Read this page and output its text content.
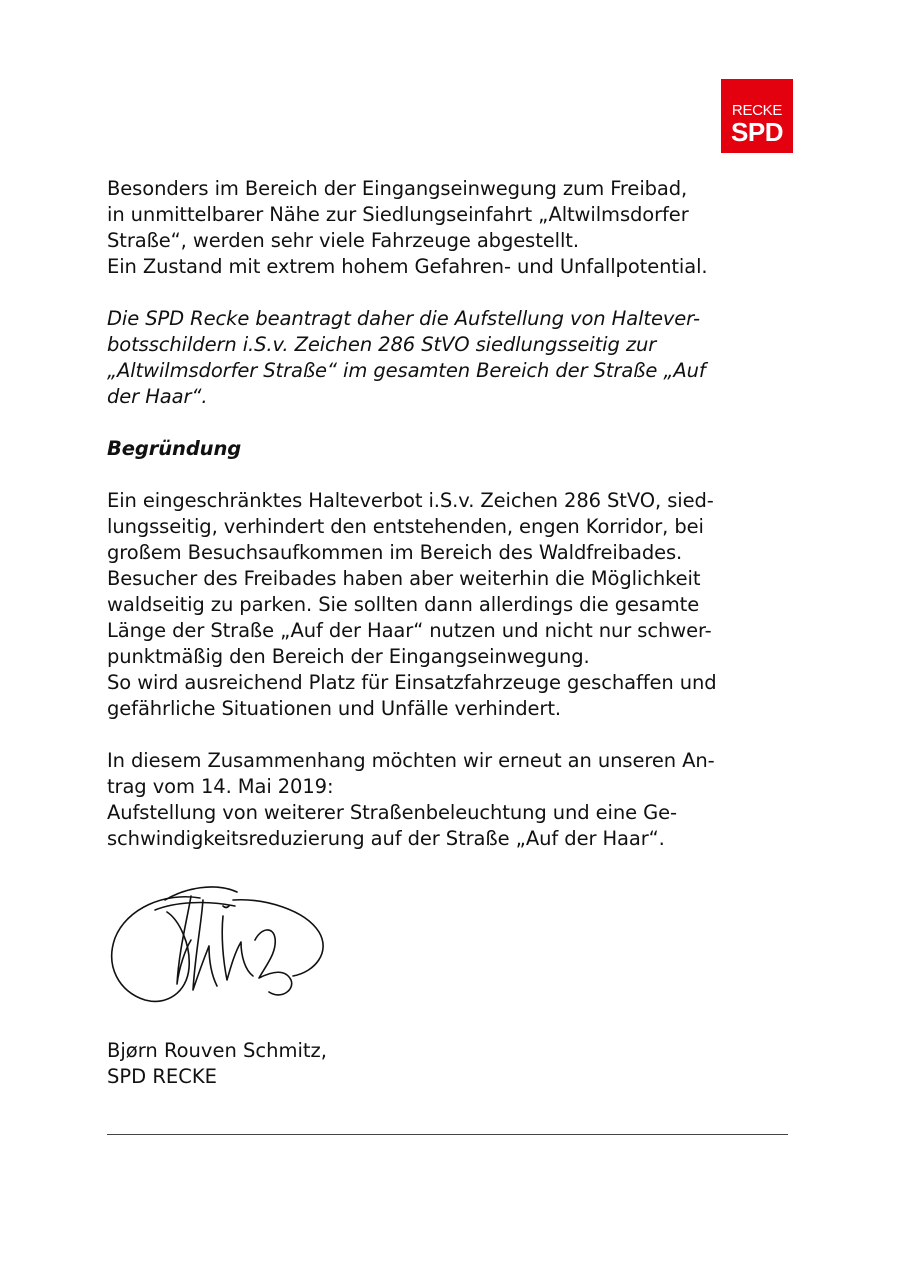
RECKE
SPD

Besonders im Bereich der Eingangseinwegung zum Freibad,
in unmittelbarer Nähe zur Siedlungseinfahrt „Altwilmsdorfer
Straße“, werden sehr viele Fahrzeuge abgestellt.
Ein Zustand mit extrem hohem Gefahren- und Unfallpotential.

Die SPD Recke beantragt daher die Aufstellung von Haltever-
botsschildern i.S.v. Zeichen 286 StVO siedlungsseitig zur
„Altwilmsdorfer Straße“ im gesamten Bereich der Straße „Auf
der Haar“.

Begründung

Ein eingeschränktes Halteverbot i.S.v. Zeichen 286 StVO, sied-
lungsseitig, verhindert den entstehenden, engen Korridor, bei
großem Besuchsaufkommen im Bereich des Waldfreibades.
Besucher des Freibades haben aber weiterhin die Möglichkeit
waldseitig zu parken. Sie sollten dann allerdings die gesamte
Länge der Straße „Auf der Haar“ nutzen und nicht nur schwer-
punktmäßig den Bereich der Eingangseinwegung.
So wird ausreichend Platz für Einsatzfahrzeuge geschaffen und
gefährliche Situationen und Unfälle verhindert.

In diesem Zusammenhang möchten wir erneut an unseren An-
trag vom 14. Mai 2019:
Aufstellung von weiterer Straßenbeleuchtung und eine Ge-
schwindigkeitsreduzierung auf der Straße „Auf der Haar“.

Bjørn Rouven Schmitz,
SPD RECKE
